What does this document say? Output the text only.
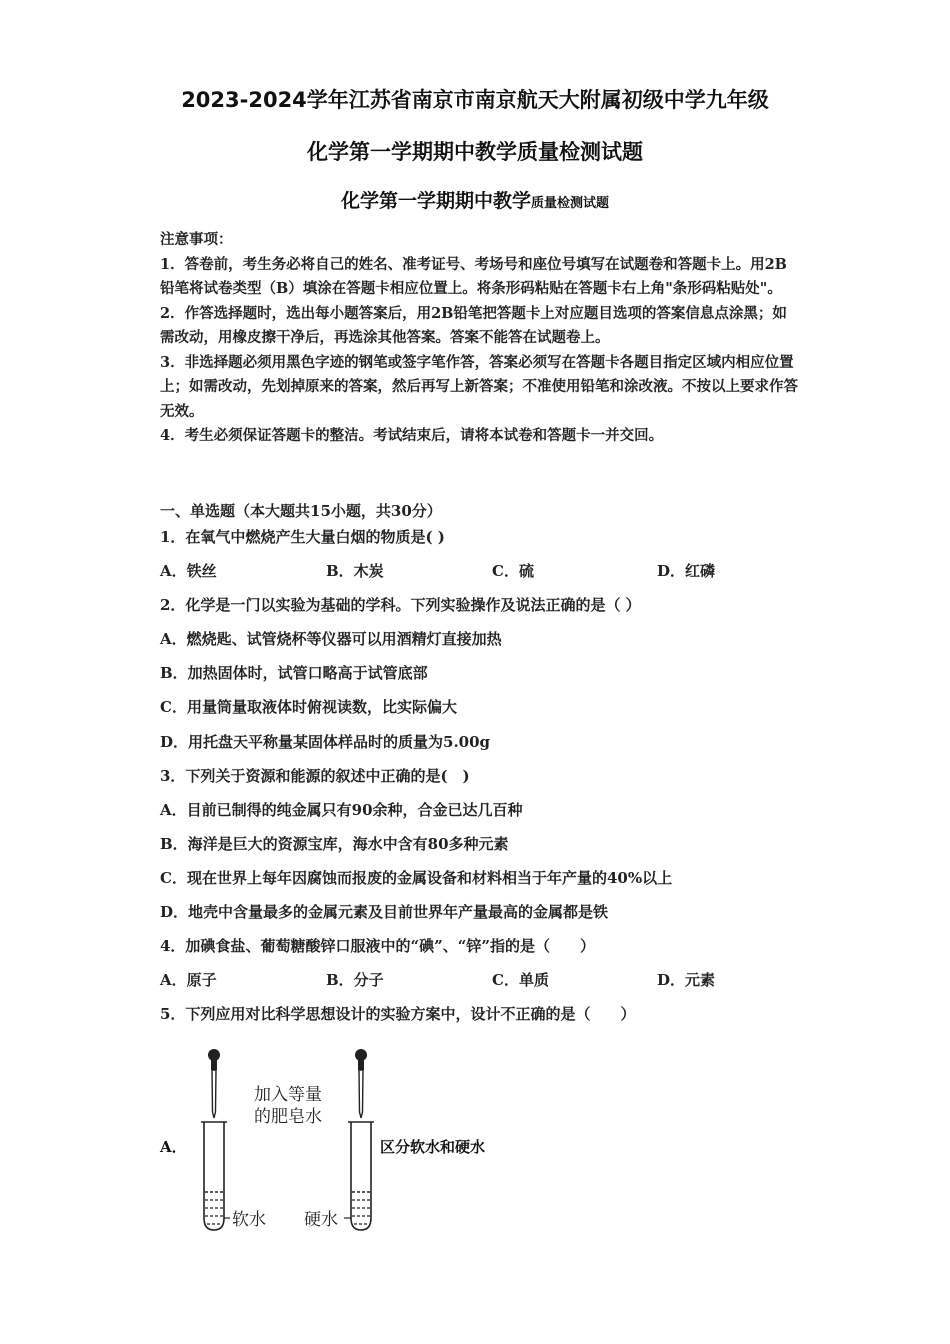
2023-2024学年江苏省南京市南京航天大附属初级中学九年级
化学第一学期期中教学质量检测试题
化学第一学期期中教学质量检测试题

注意事项：

1．答卷前，考生务必将自己的姓名、准考证号、考场号和座位号填写在试题卷和答题卡上。用2B铅笔将试卷类型（B）填涂在答题卡相应位置上。将条形码粘贴在答题卡右上角"条形码粘贴处"。

2．作答选择题时，选出每小题答案后，用2B铅笔把答题卡上对应题目选项的答案信息点涂黑；如需改动，用橡皮擦干净后，再选涂其他答案。答案不能答在试题卷上。

3．非选择题必须用黑色字迹的钢笔或签字笔作答，答案必须写在答题卡各题目指定区域内相应位置上；如需改动，先划掉原来的答案，然后再写上新答案；不准使用铅笔和涂改液。不按以上要求作答无效。

4．考生必须保证答题卡的整洁。考试结束后，请将本试卷和答题卡一并交回。

一、单选题（本大题共15小题，共30分）
1．在氧气中燃烧产生大量白烟的物质是( )
A．铁丝	B．木炭	C．硫	D．红磷
2．化学是一门以实验为基础的学科。下列实验操作及说法正确的是（ ）
A．燃烧匙、试管烧杯等仪器可以用酒精灯直接加热
B．加热固体时，试管口略高于试管底部
C．用量筒量取液体时俯视读数，比实际偏大
D．用托盘天平称量某固体样品时的质量为5.00g
3．下列关于资源和能源的叙述中正确的是(　)
A．目前已制得的纯金属只有90余种，合金已达几百种
B．海洋是巨大的资源宝库，海水中含有80多种元素
C．现在世界上每年因腐蚀而报废的金属设备和材料相当于年产量的40%以上
D．地壳中含量最多的金属元素及目前世界年产量最高的金属都是铁
4．加碘食盐、葡萄糖酸锌口服液中的“碘”、“锌”指的是（　　）
A．原子	B．分子	C．单质	D．元素
5．下列应用对比科学思想设计的实验方案中，设计不正确的是（　　）
A．
加入等量
的肥皂水
软水 硬水
区分软水和硬水
